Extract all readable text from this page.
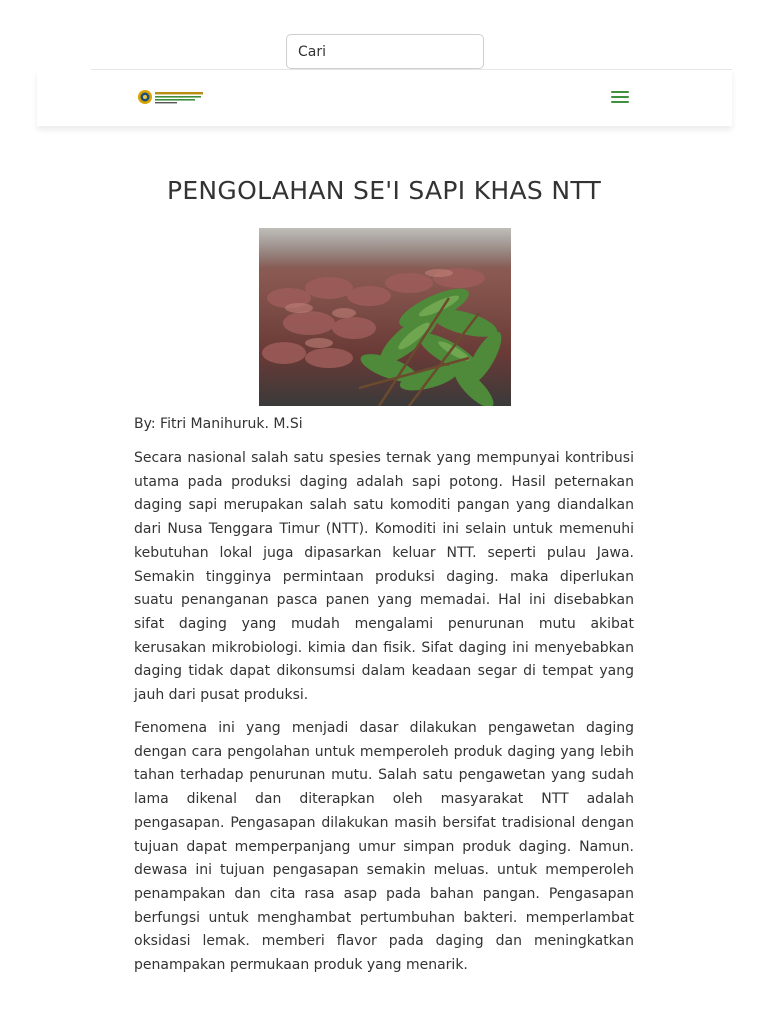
Cari
PENGOLAHAN SE'I SAPI KHAS NTT
By: Fitri Manihuruk. M.Si

Secara nasional salah satu spesies ternak yang mempunyai kontribusi utama pada produksi daging adalah sapi potong. Hasil peternakan daging sapi merupakan salah satu komoditi pangan yang diandalkan dari Nusa Tenggara Timur (NTT). Komoditi ini selain untuk memenuhi kebutuhan lokal juga dipasarkan keluar NTT. seperti pulau Jawa. Semakin tingginya permintaan produksi daging. maka diperlukan suatu penanganan pasca panen yang memadai. Hal ini disebabkan sifat daging yang mudah mengalami penurunan mutu akibat kerusakan mikrobiologi. kimia dan fisik. Sifat daging ini menyebabkan daging tidak dapat dikonsumsi dalam keadaan segar di tempat yang jauh dari pusat produksi.

Fenomena ini yang menjadi dasar dilakukan pengawetan daging dengan cara pengolahan untuk memperoleh produk daging yang lebih tahan terhadap penurunan mutu. Salah satu pengawetan yang sudah lama dikenal dan diterapkan oleh masyarakat NTT adalah pengasapan. Pengasapan dilakukan masih bersifat tradisional dengan tujuan dapat memperpanjang umur simpan produk daging. Namun. dewasa ini tujuan pengasapan semakin meluas. untuk memperoleh penampakan dan cita rasa asap pada bahan pangan. Pengasapan berfungsi untuk menghambat pertumbuhan bakteri. memperlambat oksidasi lemak. memberi flavor pada daging dan meningkatkan penampakan permukaan produk yang menarik.
